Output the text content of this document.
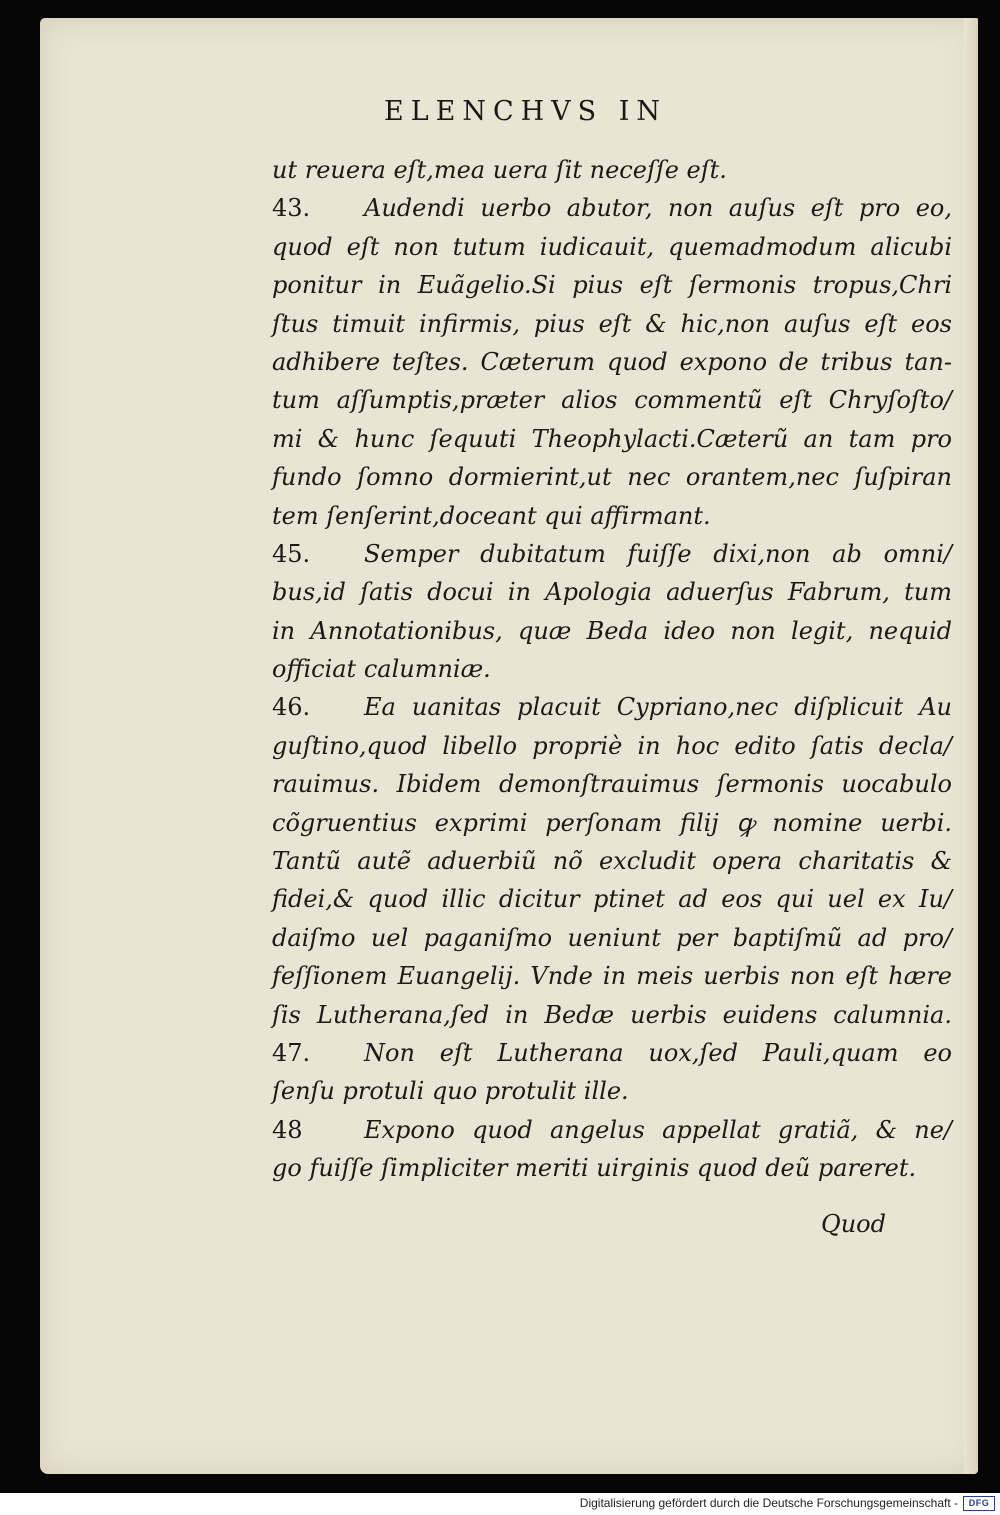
ELENCHVS IN
ut reuera eſt,mea uera ſit neceſſe eſt.
43. Audendi uerbo abutor, non auſus eſt pro eo,
quod eſt non tutum iudicauit, quemadmodum alicubi
ponitur in Euãgelio.Si pius eſt ſermonis tropus,Chri
ſtus timuit infirmis, pius eſt & hic,non auſus eſt eos
adhibere teſtes. Cæterum quod expono de tribus tan-
tum aſſumptis,præter alios commentũ eſt Chryſoſto/
mi & hunc ſequuti Theophylacti.Cæterũ an tam pro
fundo ſomno dormierint,ut nec orantem,nec ſuſpiran
tem ſenſerint,doceant qui affirmant.
45. Semper dubitatum fuiſſe dixi,non ab omni/
bus,id ſatis docui in Apologia aduerſus Fabrum, tum
in Annotationibus, quæ Beda ideo non legit, nequid
officiat calumniæ.
46. Ea uanitas placuit Cypriano,nec diſplicuit Au
guſtino,quod libello propriè in hoc edito ſatis decla/
rauimus. Ibidem demonſtrauimus ſermonis uocabulo
cõgruentius exprimi perſonam filij ꝙ nomine uerbi.
Tantũ autẽ aduerbiũ nõ excludit opera charitatis &
fidei,& quod illic dicitur ptinet ad eos qui uel ex Iu/
daiſmo uel paganiſmo ueniunt per baptiſmũ ad pro/
feſſionem Euangelij. Vnde in meis uerbis non eſt hære
ſis Lutherana,ſed in Bedæ uerbis euidens calumnia.
47. Non eſt Lutherana uox,ſed Pauli,quam eo
ſenſu protuli quo protulit ille.
48	Expono quod angelus appellat gratiã, & ne/
go fuiſſe ſimpliciter meriti uirginis quod deũ pareret.
Quod
Digitalisierung gefördert durch die Deutsche Forschungsgemeinschaft -	DFG
